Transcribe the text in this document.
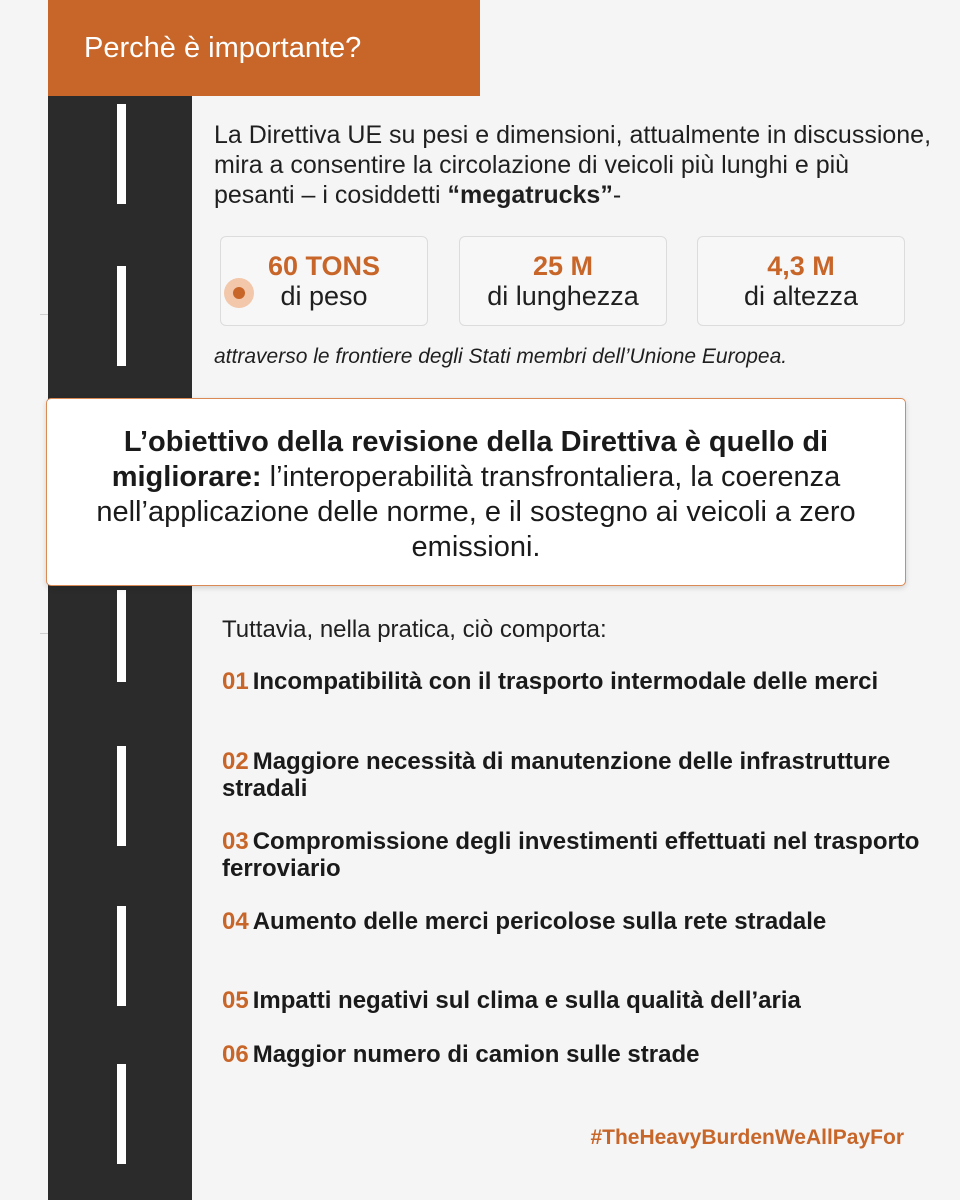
Perchè è importante?
La Direttiva UE su pesi e dimensioni, attualmente in discussione, mira a consentire la circolazione di veicoli più lunghi e più pesanti – i cosiddetti “megatrucks”-
60 TONS
di peso
25 M
di lunghezza
4,3 M
di altezza
attraverso le frontiere degli Stati membri dell’Unione Europea.
L’obiettivo della revisione della Direttiva è quello di migliorare: l’interoperabilità transfrontaliera, la coerenza nell’applicazione delle norme, e il sostegno ai veicoli a zero emissioni.
Tuttavia, nella pratica, ciò comporta:
01 Incompatibilità con il trasporto intermodale delle merci
02 Maggiore necessità di manutenzione delle infrastrutture stradali
03 Compromissione degli investimenti effettuati nel trasporto ferroviario
04 Aumento delle merci pericolose sulla rete stradale
05 Impatti negativi sul clima e sulla qualità dell’aria
06 Maggior numero di camion sulle strade
#TheHeavyBurdenWeAllPayFor
